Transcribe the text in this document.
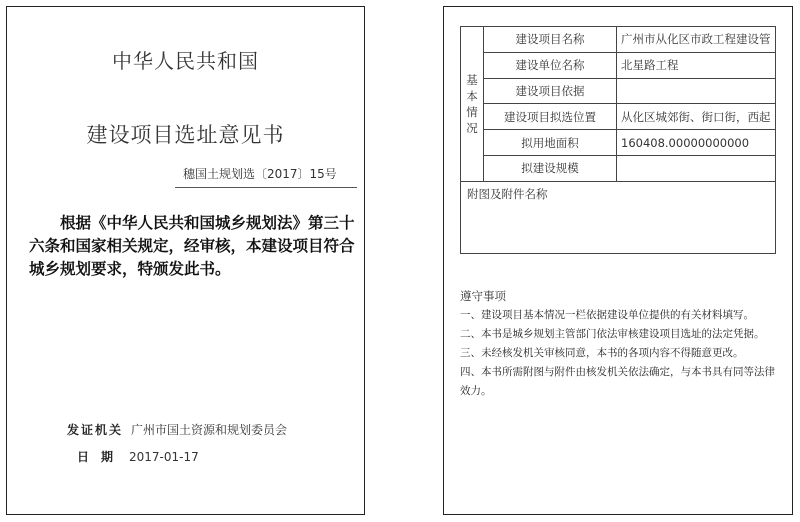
中华人民共和国
建设项目选址意见书
穗国土规划选〔2017〕15号
根据《中华人民共和国城乡规划法》第三十六条和国家相关规定，经审核，本建设项目符合城乡规划要求，特颁发此书。
发证机关 广州市国土资源和规划委员会
日期 2017-01-17
基本情况	建设项目名称	广州市从化区市政工程建设管
	建设单位名称	北星路工程
	建设项目依据	
	建设项目拟选位置	从化区城郊街、街口街，西起
	拟用地面积	160408.00000000000
	拟建设规模	
附图及附件名称		
遵守事项
一、建设项目基本情况一栏依据建设单位提供的有关材料填写。
二、本书是城乡规划主管部门依法审核建设项目选址的法定凭据。
三、未经核发机关审核同意，本书的各项内容不得随意更改。
四、本书所需附图与附件由核发机关依法确定，与本书具有同等法律效力。
